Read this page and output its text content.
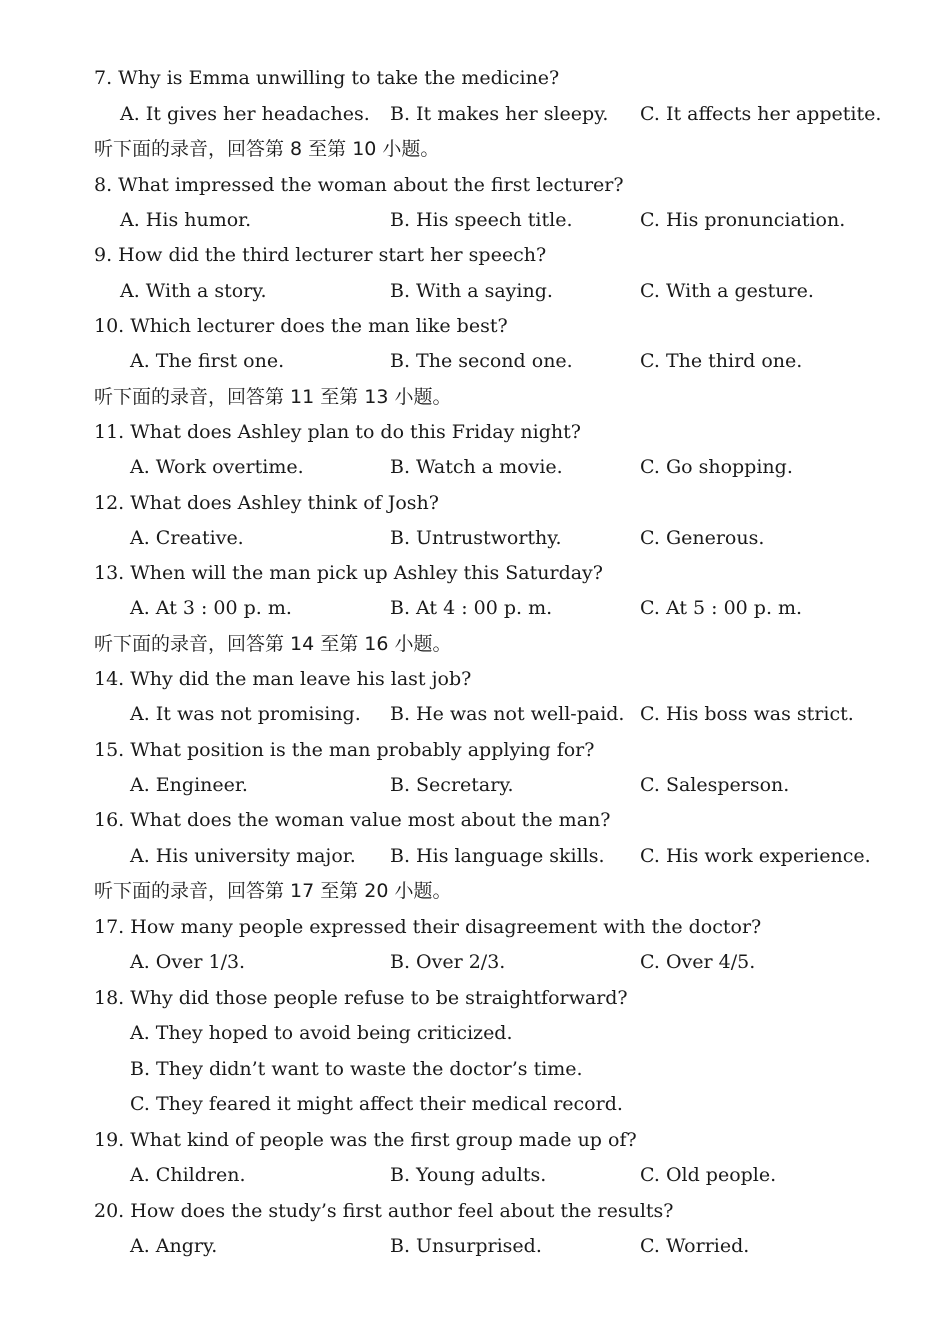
7. Why is Emma unwilling to take the medicine?
A. It gives her headaches. B. It makes her sleepy. C. It affects her appetite.
听下面的录音，回答第 8 至第 10 小题。
8. What impressed the woman about the first lecturer?
A. His humor.	B. His speech title.	C. His pronunciation.
9. How did the third lecturer start her speech?
A. With a story.	B. With a saying.	C. With a gesture.
10. Which lecturer does the man like best?
A. The first one.	B. The second one.	C. The third one.
听下面的录音，回答第 11 至第 13 小题。
11. What does Ashley plan to do this Friday night?
A. Work overtime.	B. Watch a movie.	C. Go shopping.
12. What does Ashley think of Josh?
A. Creative.	B. Untrustworthy.	C. Generous.
13. When will the man pick up Ashley this Saturday?
A. At 3 : 00 p. m.	B. At 4 : 00 p. m.	C. At 5 : 00 p. m.
听下面的录音，回答第 14 至第 16 小题。
14. Why did the man leave his last job?
A. It was not promising. B. He was not well-paid. C. His boss was strict.
15. What position is the man probably applying for?
A. Engineer.	B. Secretary.	C. Salesperson.
16. What does the woman value most about the man?
A. His university major. B. His language skills. C. His work experience.
听下面的录音，回答第 17 至第 20 小题。
17. How many people expressed their disagreement with the doctor?
A. Over 1/3.	B. Over 2/3.	C. Over 4/5.
18. Why did those people refuse to be straightforward?
A. They hoped to avoid being criticized.
B. They didn’t want to waste the doctor’s time.
C. They feared it might affect their medical record.
19. What kind of people was the first group made up of?
A. Children.	B. Young adults.	C. Old people.
20. How does the study’s first author feel about the results?
A. Angry.	B. Unsurprised.	C. Worried.
